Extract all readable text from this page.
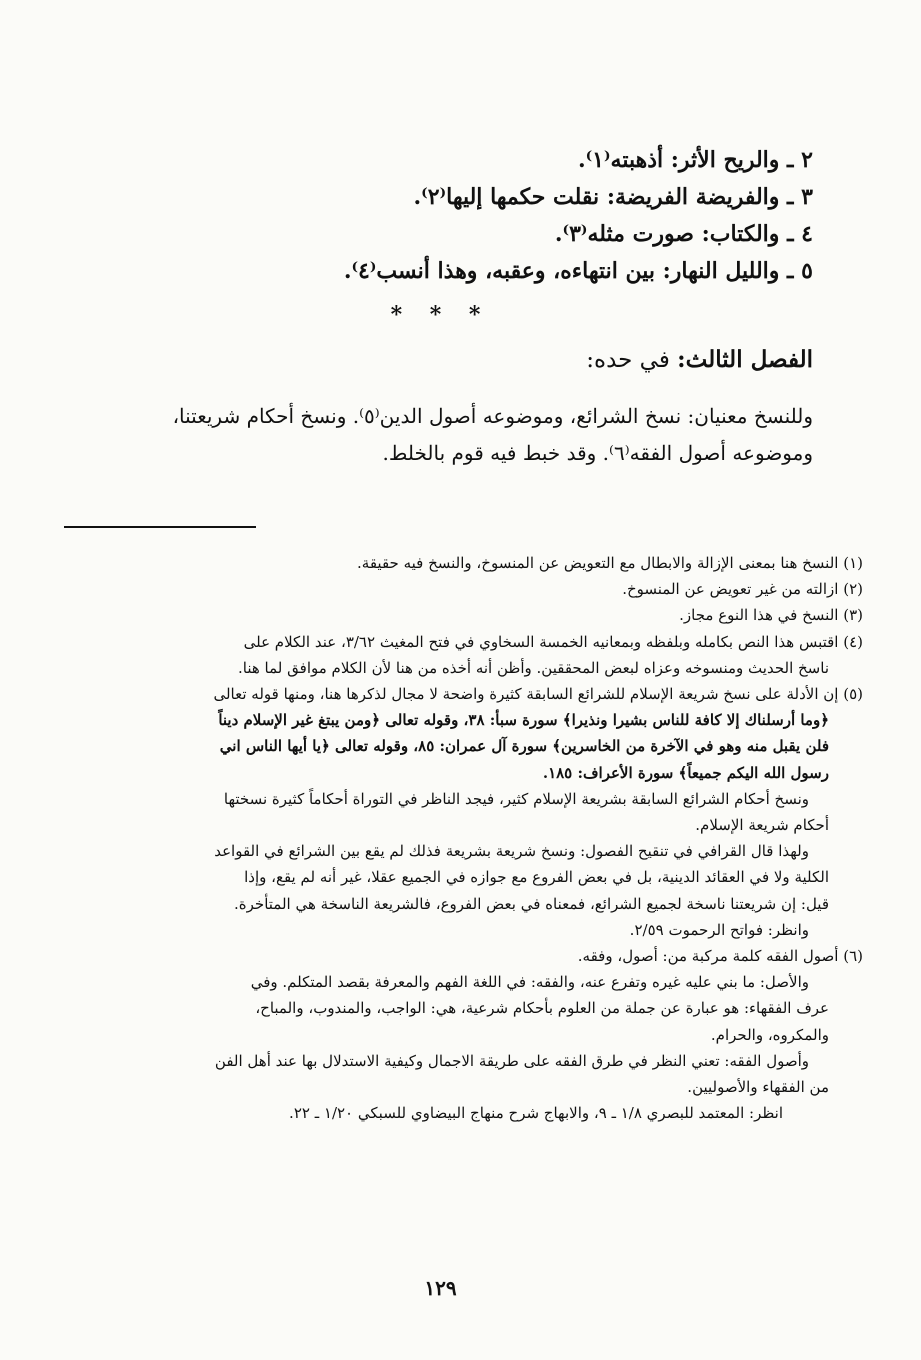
٢ ـ والريح الأثر: أذهبته⁽١⁾.
٣ ـ والفريضة الفريضة: نقلت حكمها إليها⁽٢⁾.
٤ ـ والكتاب: صورت مثله⁽٣⁾.
٥ ـ والليل النهار: بين انتهاءه، وعقبه، وهذا أنسب⁽٤⁾.
* * *
الفصل الثالث: في حده:

وللنسخ معنيان: نسخ الشرائع، وموضوعه أصول الدين⁽٥⁾. ونسخ أحكام شريعتنا،

وموضوعه أصول الفقه⁽٦⁾. وقد خبط فيه قوم بالخلط.

(١) النسخ هنا بمعنى الإزالة والابطال مع التعويض عن المنسوخ، والنسخ فيه حقيقة.
(٢) ازالته من غير تعويض عن المنسوخ.
(٣) النسخ في هذا النوع مجاز.
(٤) اقتبس هذا النص بكامله وبلفظه وبمعانيه الخمسة السخاوي في فتح المغيث ٣/٦٢، عند الكلام على
ناسخ الحديث ومنسوخه وعزاه لبعض المحققين. وأظن أنه أخذه من هنا لأن الكلام موافق لما هنا.
(٥) إن الأدلة على نسخ شريعة الإسلام للشرائع السابقة كثيرة واضحة لا مجال لذكرها هنا، ومنها قوله تعالى
﴿وما أرسلناك إلا كافة للناس بشيرا ونذيرا﴾ سورة سبأ: ٣٨، وقوله تعالى ﴿ومن يبتغ غير الإسلام ديناً
فلن يقبل منه وهو في الآخرة من الخاسرين﴾ سورة آل عمران: ٨٥، وقوله تعالى ﴿يا أيها الناس اني
رسول الله اليكم جميعاً﴾ سورة الأعراف: ١٨٥.
ونسخ أحكام الشرائع السابقة بشريعة الإسلام كثير، فيجد الناظر في التوراة أحكاماً كثيرة نسختها
أحكام شريعة الإسلام.
ولهذا قال القرافي في تنقيح الفصول: ونسخ شريعة بشريعة فذلك لم يقع بين الشرائع في القواعد
الكلية ولا في العقائد الدينية، بل في بعض الفروع مع جوازه في الجميع عقلا، غير أنه لم يقع، وإذا
قيل: إن شريعتنا ناسخة لجميع الشرائع، فمعناه في بعض الفروع، فالشريعة الناسخة هي المتأخرة.
وانظر: فواتح الرحموت ٢/٥٩.
(٦) أصول الفقه كلمة مركبة من: أصول، وفقه.
والأصل: ما بني عليه غيره وتفرع عنه، والفقه: في اللغة الفهم والمعرفة بقصد المتكلم. وفي
عرف الفقهاء: هو عبارة عن جملة من العلوم بأحكام شرعية، هي: الواجب، والمندوب، والمباح،
والمكروه، والحرام.
وأصول الفقه: تعني النظر في طرق الفقه على طريقة الاجمال وكيفية الاستدلال بها عند أهل الفن
من الفقهاء والأصوليين.
انظر: المعتمد للبصري ١/٨ ـ ٩، والابهاج شرح منهاج البيضاوي للسبكي ١/٢٠ ـ ٢٢.
١٢٩
